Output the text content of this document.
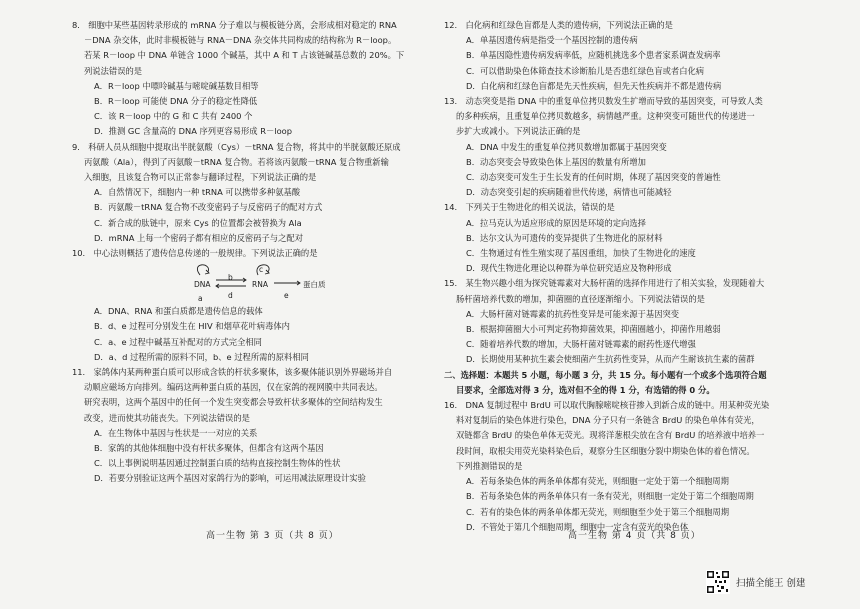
8.　细胞中某些基因转录形成的 mRNA 分子难以与模板链分离，会形成相对稳定的 RNA

－DNA 杂交体，此时非模板链与 RNA－DNA 杂交体共同构成的结构称为 R－loop。

若某 R－loop 中 DNA 单链含 1000 个碱基，其中 A 和 T 占该链碱基总数的 20%。下

列说法错误的是

A．R－loop 中嘌呤碱基与嘧啶碱基数目相等

B．R－loop 可能使 DNA 分子的稳定性降低

C．该 R－loop 中的 G 和 C 共有 2400 个

D．推测 GC 含量高的 DNA 序列更容易形成 R－loop

9.　科研人员从细胞中提取出半胱氨酸（Cys）－tRNA 复合物，将其中的半胱氨酸还原成

丙氨酸（Ala），得到了丙氨酸－tRNA 复合物。若将该丙氨酸－tRNA 复合物重新输

入细胞，且该复合物可以正常参与翻译过程，下列说法正确的是

A．自然情况下，细胞内一种 tRNA 可以携带多种氨基酸

B．丙氨酸－tRNA 复合物不改变密码子与反密码子的配对方式

C．新合成的肽链中，原来 Cys 的位置都会被替换为 Ala

D．mRNA 上每一个密码子都有相应的反密码子与之配对

10.　中心法则概括了遗传信息传递的一般规律。下列说法正确的是

DNA	RNA	蛋白质
a
b
c
d	e

A．DNA、RNA 和蛋白质都是遗传信息的载体

B．d、e 过程可分别发生在 HIV 和烟草花叶病毒体内

C．a、e 过程中碱基互补配对的方式完全相同

D．a、d 过程所需的原料不同，b、e 过程所需的原料相同

11.　家鸽体内某两种蛋白质可以形成含铁的杆状多聚体，该多聚体能识别外界磁场并自

动顺应磁场方向排列。编码这两种蛋白质的基因，仅在家鸽的视网膜中共同表达。

研究表明，这两个基因中的任何一个发生突变都会导致杆状多聚体的空间结构发生

改变，进而使其功能丧失。下列说法错误的是

A．在生物体中基因与性状是一一对应的关系

B．家鸽的其他体细胞中没有杆状多聚体，但都含有这两个基因

C．以上事例说明基因通过控制蛋白质的结构直接控制生物体的性状

D．若要分别验证这两个基因对家鸽行为的影响，可运用减法原理设计实验

高一生物 第 3 页（共 8 页）

12.　白化病和红绿色盲都是人类的遗传病，下列说法正确的是

A．单基因遗传病是指受一个基因控制的遗传病

B．单基因隐性遗传病发病率低，应随机挑选多个患者家系调查发病率

C．可以借助染色体筛查技术诊断胎儿是否患红绿色盲或者白化病

D．白化病和红绿色盲都是先天性疾病，但先天性疾病并不都是遗传病

13.　动态突变是指 DNA 中的重复单位拷贝数发生扩增而导致的基因突变，可导致人类

的多种疾病，且重复单位拷贝数越多，病情越严重。这种突变可随世代的传递进一

步扩大或减小。下列说法正确的是

A．DNA 中发生的重复单位拷贝数增加都属于基因突变

B．动态突变会导致染色体上基因的数量有所增加

C．动态突变可发生于生长发育的任何时期，体现了基因突变的普遍性

D．动态突变引起的疾病随着世代传递，病情也可能减轻

14.　下列关于生物进化的相关说法，错误的是

A．拉马克认为适应形成的原因是环境的定向选择

B．达尔文认为可遗传的变异提供了生物进化的原材料

C．生物通过有性生殖实现了基因重组，加快了生物进化的速度

D．现代生物进化理论以种群为单位研究适应及物种形成

15.　某生物兴趣小组为探究链霉素对大肠杆菌的选择作用进行了相关实验，发现随着大

肠杆菌培养代数的增加，抑菌圈的直径逐渐缩小。下列说法错误的是

A．大肠杆菌对链霉素的抗药性变异是可能来源于基因突变

B．根据抑菌圈大小可判定药物抑菌效果，抑菌圈越小，抑菌作用越弱

C．随着培养代数的增加，大肠杆菌对链霉素的耐药性逐代增强

D．长期使用某种抗生素会使细菌产生抗药性变异，从而产生耐该抗生素的菌群

二、选择题：本题共 5 小题，每小题 3 分，共 15 分。每小题有一个或多个选项符合题

目要求，全部选对得 3 分，选对但不全的得 1 分，有选错的得 0 分。

16.　DNA 复制过程中 BrdU 可以取代胸腺嘧啶核苷掺入到新合成的链中。用某种荧光染

料对复制后的染色体进行染色，DNA 分子只有一条链含 BrdU 的染色单体有荧光，

双链都含 BrdU 的染色单体无荧光。现将洋葱根尖放在含有 BrdU 的培养液中培养一

段时间，取根尖用荧光染料染色后，观察分生区细胞分裂中期染色体的着色情况。

下列推测错误的是

A．若每条染色体的两条单体都有荧光，则细胞一定处于第一个细胞周期

B．若每条染色体的两条单体只有一条有荧光，则细胞一定处于第二个细胞周期

C．若有的染色体的两条单体都无荧光，则细胞至少处于第三个细胞周期

D．不管处于第几个细胞周期，细胞中一定含有荧光的染色体

高一生物 第 4 页（共 8 页）
扫描全能王 创建
